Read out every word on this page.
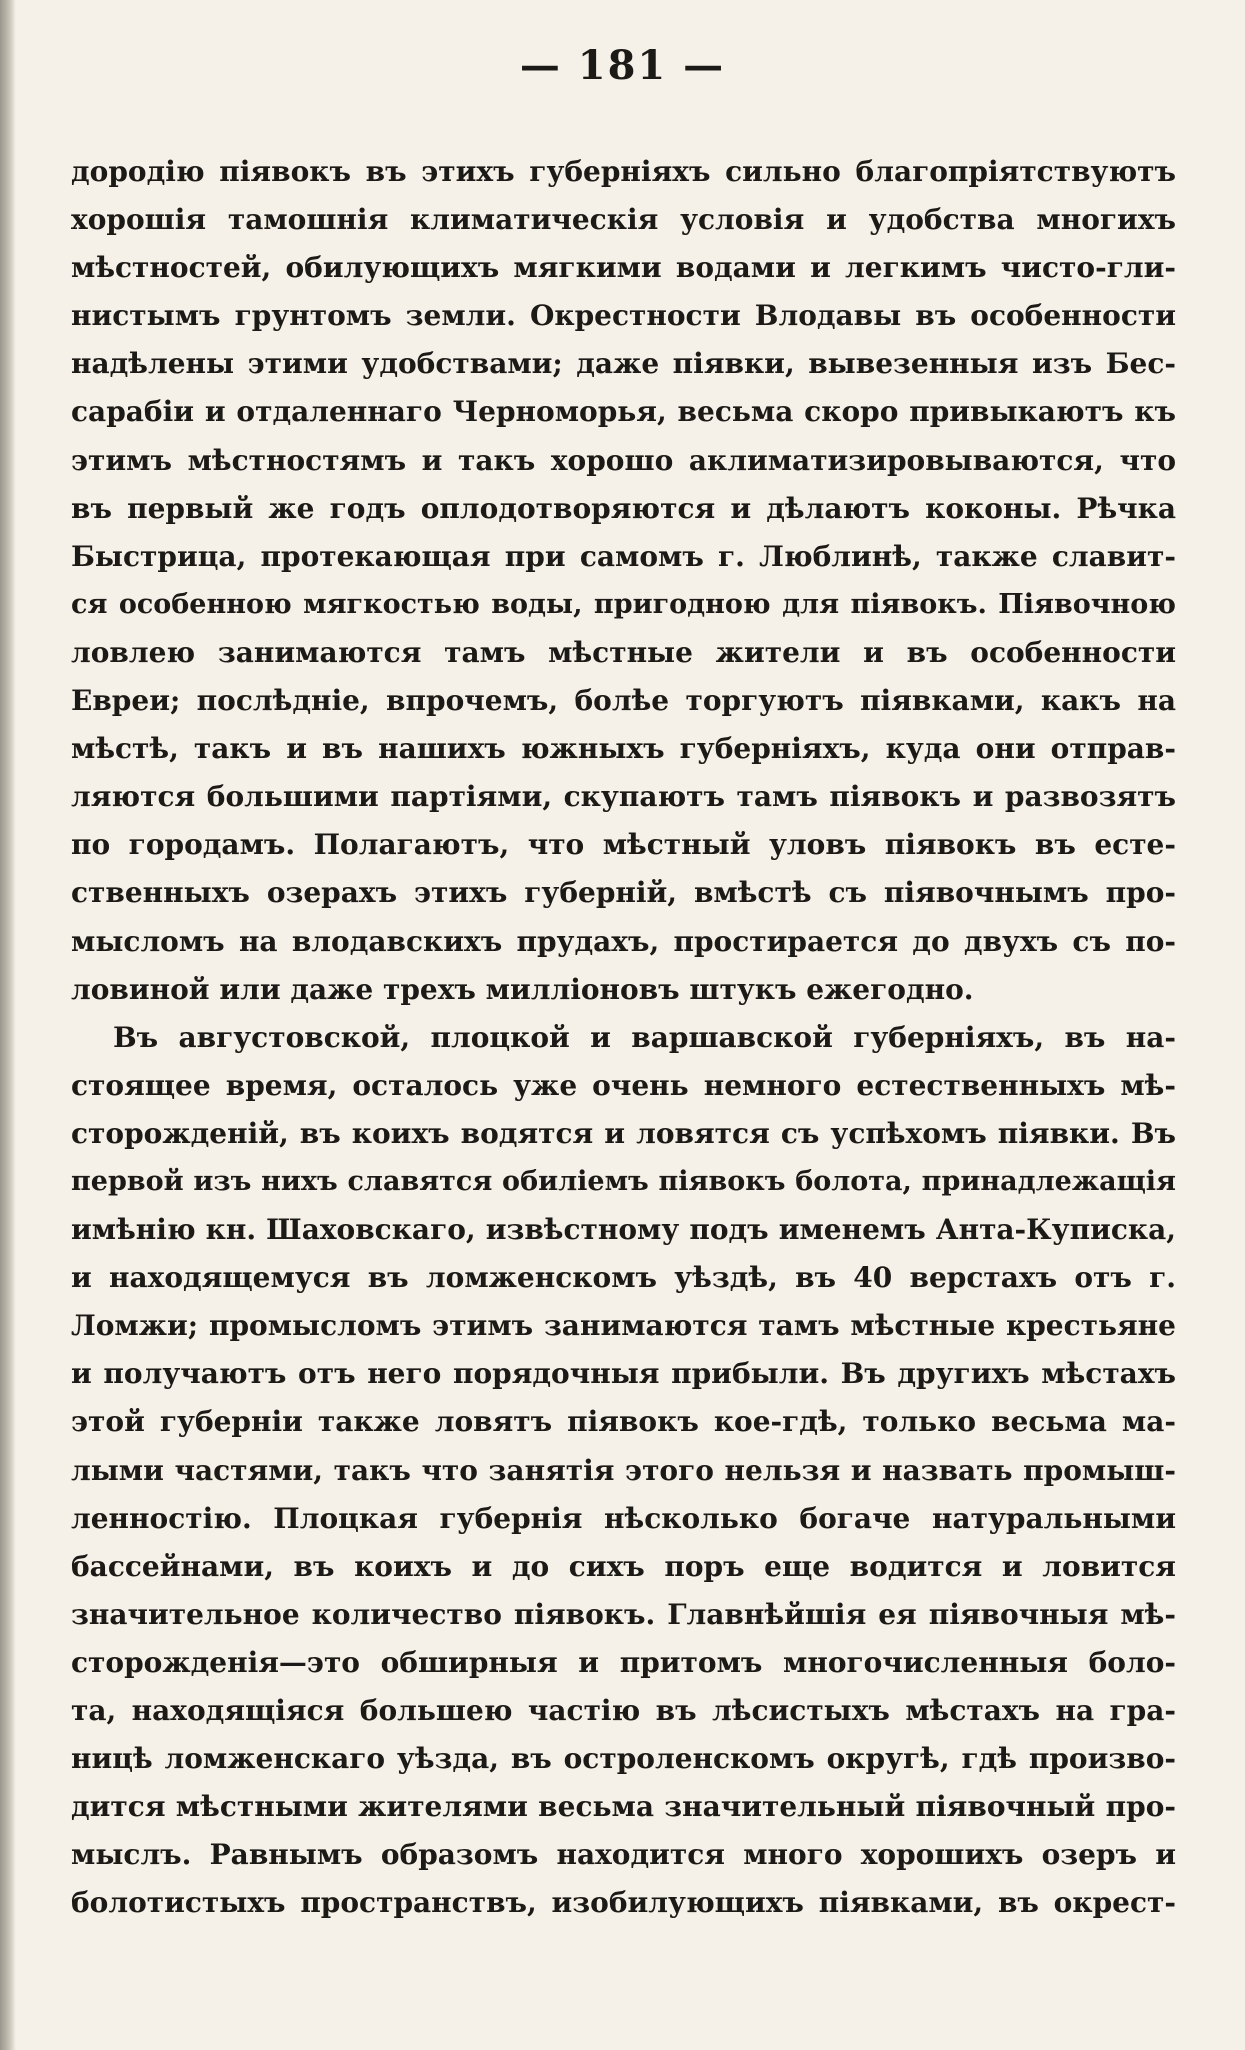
— 181 —
дородію піявокъ въ этихъ губерніяхъ сильно благопріятствуютъ
хорошія тамошнія климатическія условія и удобства многихъ
мѣстностей, обилующихъ мягкими водами и легкимъ чисто-гли-
нистымъ грунтомъ земли. Окрестности Влодавы въ особенности
надѣлены этими удобствами; даже піявки, вывезенныя изъ Бес-
сарабіи и отдаленнаго Черноморья, весьма скоро привыкаютъ къ
этимъ мѣстностямъ и такъ хорошо аклиматизировываются, что
въ первый же годъ оплодотворяются и дѣлаютъ коконы. Рѣчка
Быстрица, протекающая при самомъ г. Люблинѣ, также славит-
ся особенною мягкостью воды, пригодною для піявокъ. Піявочною
ловлею занимаются тамъ мѣстные жители и въ особенности
Евреи; послѣдніе, впрочемъ, болѣе торгуютъ піявками, какъ на
мѣстѣ, такъ и въ нашихъ южныхъ губерніяхъ, куда они отправ-
ляются большими партіями, скупаютъ тамъ піявокъ и развозятъ
по городамъ. Полагаютъ, что мѣстный уловъ піявокъ въ есте-
ственныхъ озерахъ этихъ губерній, вмѣстѣ съ піявочнымъ про-
мысломъ на влодавскихъ прудахъ, простирается до двухъ съ по-
ловиной или даже трехъ милліоновъ штукъ ежегодно.
Въ августовской, плоцкой и варшавской губерніяхъ, въ на-
стоящее время, осталось уже очень немного естественныхъ мѣ-
сторожденій, въ коихъ водятся и ловятся съ успѣхомъ піявки. Въ
первой изъ нихъ славятся обиліемъ піявокъ болота, принадлежащія
имѣнію кн. Шаховскаго, извѣстному подъ именемъ Анта-Куписка,
и находящемуся въ ломженскомъ уѣздѣ, въ 40 верстахъ отъ г.
Ломжи; промысломъ этимъ занимаются тамъ мѣстные крестьяне
и получаютъ отъ него порядочныя прибыли. Въ другихъ мѣстахъ
этой губерніи также ловятъ піявокъ кое-гдѣ, только весьма ма-
лыми частями, такъ что занятія этого нельзя и назвать промыш-
ленностію. Плоцкая губернія нѣсколько богаче натуральными
бассейнами, въ коихъ и до сихъ поръ еще водится и ловится
значительное количество піявокъ. Главнѣйшія ея піявочныя мѣ-
сторожденія—это обширныя и притомъ многочисленныя боло-
та, находящіяся большею частію въ лѣсистыхъ мѣстахъ на гра-
ницѣ ломженскаго уѣзда, въ остроленскомъ округѣ, гдѣ произво-
дится мѣстными жителями весьма значительный піявочный про-
мыслъ. Равнымъ образомъ находится много хорошихъ озеръ и
болотистыхъ пространствъ, изобилующихъ піявками, въ окрест-
